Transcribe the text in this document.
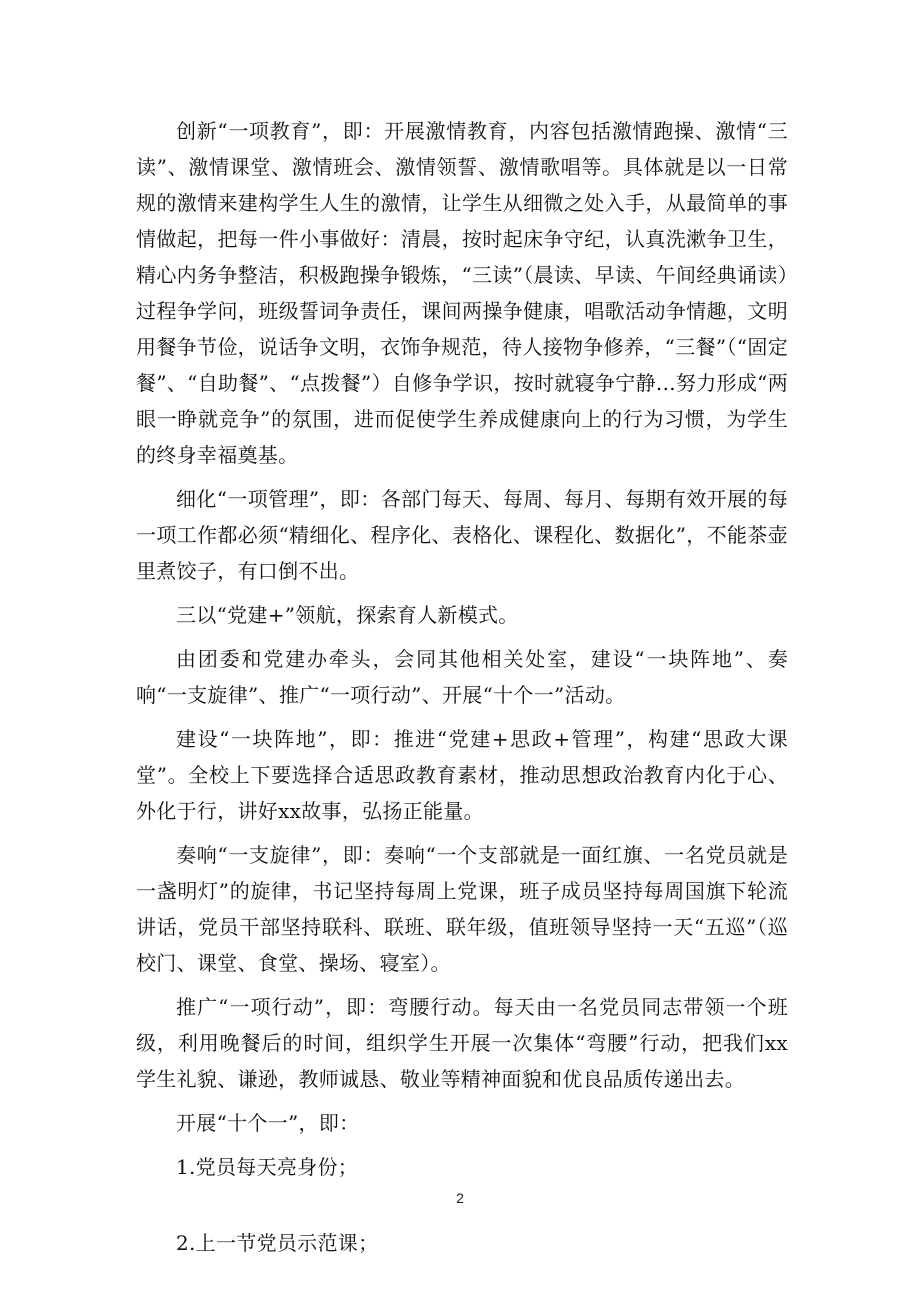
创新“一项教育”，即：开展激情教育，内容包括激情跑操、激情“三读”、激情课堂、激情班会、激情领誓、激情歌唱等。具体就是以一日常规的激情来建构学生人生的激情，让学生从细微之处入手，从最简单的事情做起，把每一件小事做好：清晨，按时起床争守纪，认真洗漱争卫生，精心内务争整洁，积极跑操争锻炼，“三读”（晨读、早读、午间经典诵读）过程争学问，班级誓词争责任，课间两操争健康，唱歌活动争情趣，文明用餐争节俭，说话争文明，衣饰争规范，待人接物争修养，“三餐”（“固定餐”、“自助餐”、“点拨餐”）自修争学识，按时就寝争宁静...努力形成“两眼一睁就竞争”的氛围，进而促使学生养成健康向上的行为习惯，为学生的终身幸福奠基。

细化“一项管理”，即：各部门每天、每周、每月、每期有效开展的每一项工作都必须“精细化、程序化、表格化、课程化、数据化”，不能茶壶里煮饺子，有口倒不出。

三以“党建+”领航，探索育人新模式。

由团委和党建办牵头，会同其他相关处室，建设“一块阵地”、奏响“一支旋律”、推广“一项行动”、开展“十个一”活动。

建设“一块阵地”，即：推进“党建+思政+管理”，构建“思政大课堂”。全校上下要选择合适思政教育素材，推动思想政治教育内化于心、外化于行，讲好xx故事，弘扬正能量。

奏响“一支旋律”，即：奏响“一个支部就是一面红旗、一名党员就是一盏明灯”的旋律，书记坚持每周上党课，班子成员坚持每周国旗下轮流讲话，党员干部坚持联科、联班、联年级，值班领导坚持一天“五巡”（巡校门、课堂、食堂、操场、寝室）。

推广“一项行动”，即：弯腰行动。每天由一名党员同志带领一个班级，利用晚餐后的时间，组织学生开展一次集体“弯腰”行动，把我们xx学生礼貌、谦逊，教师诚恳、敬业等精神面貌和优良品质传递出去。

开展“十个一”，即：

1.党员每天亮身份；

2.上一节党员示范课；

2
